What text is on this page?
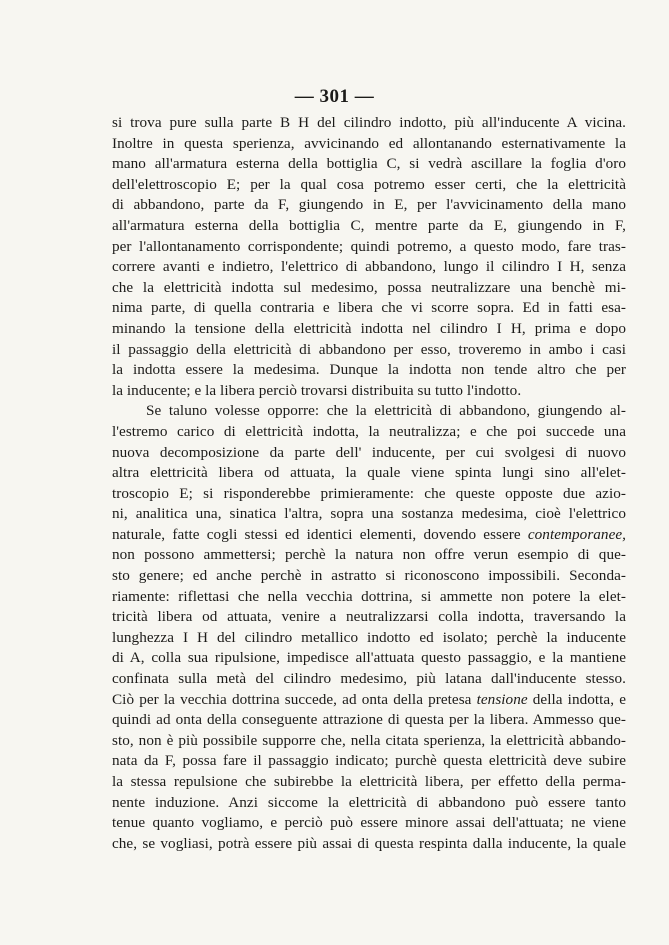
— 301 —
si trova pure sulla parte B H del cilindro indotto, più all'inducente A vicina.
Inoltre in questa sperienza, avvicinando ed allontanando esternativamente la
mano all'armatura esterna della bottiglia C, si vedrà ascillare la foglia d'oro
dell'elettroscopio E; per la qual cosa potremo esser certi, che la elettricità
di abbandono, parte da F, giungendo in E, per l'avvicinamento della mano
all'armatura esterna della bottiglia C, mentre parte da E, giungendo in F,
per l'allontanamento corrispondente; quindi potremo, a questo modo, fare tras-
correre avanti e indietro, l'elettrico di abbandono, lungo il cilindro I H, senza
che la elettricità indotta sul medesimo, possa neutralizzare una benchè mi-
nima parte, di quella contraria e libera che vi scorre sopra. Ed in fatti esa-
minando la tensione della elettricità indotta nel cilindro I H, prima e dopo
il passaggio della elettricità di abbandono per esso, troveremo in ambo i casi
la indotta essere la medesima. Dunque la indotta non tende altro che per
la inducente; e la libera perciò trovarsi distribuita su tutto l'indotto.
Se taluno volesse opporre: che la elettricità di abbandono, giungendo al-
l'estremo carico di elettricità indotta, la neutralizza; e che poi succede una
nuova decomposizione da parte dell' inducente, per cui svolgesi di nuovo
altra elettricità libera od attuata, la quale viene spinta lungi sino all'elet-
troscopio E; si risponderebbe primieramente: che queste opposte due azio-
ni, analitica una, sinatica l'altra, sopra una sostanza medesima, cioè l'elettrico
naturale, fatte cogli stessi ed identici elementi, dovendo essere contemporanee,
non possono ammettersi; perchè la natura non offre verun esempio di que-
sto genere; ed anche perchè in astratto si riconoscono impossibili. Seconda-
riamente: riflettasi che nella vecchia dottrina, si ammette non potere la elet-
tricità libera od attuata, venire a neutralizzarsi colla indotta, traversando la
lunghezza I H del cilindro metallico indotto ed isolato; perchè la inducente
di A, colla sua ripulsione, impedisce all'attuata questo passaggio, e la mantiene
confinata sulla metà del cilindro medesimo, più latana dall'inducente stesso.
Ciò per la vecchia dottrina succede, ad onta della pretesa tensione della indotta, e
quindi ad onta della conseguente attrazione di questa per la libera. Ammesso que-
sto, non è più possibile supporre che, nella citata sperienza, la elettricità abbando-
nata da F, possa fare il passaggio indicato; purchè questa elettricità deve subire
la stessa repulsione che subirebbe la elettricità libera, per effetto della perma-
nente induzione. Anzi siccome la elettricità di abbandono può essere tanto
tenue quanto vogliamo, e perciò può essere minore assai dell'attuata; ne viene
che, se vogliasi, potrà essere più assai di questa respinta dalla inducente, la quale
